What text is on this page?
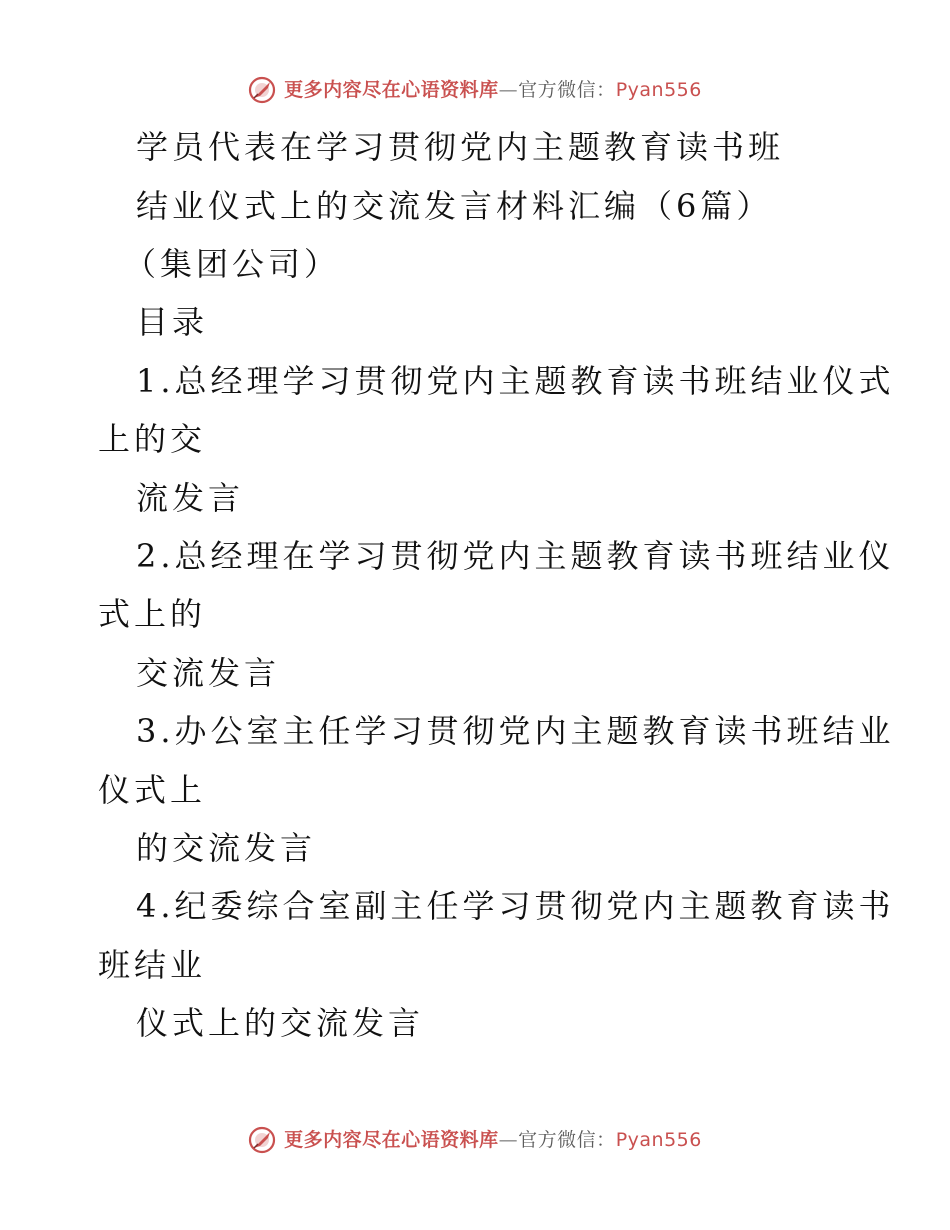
更多内容尽在心语资料库—官方微信：Pyan556
学员代表在学习贯彻党内主题教育读书班
结业仪式上的交流发言材料汇编（6篇）
（集团公司）
目录
1.总经理学习贯彻党内主题教育读书班结业仪式
上的交
流发言
2.总经理在学习贯彻党内主题教育读书班结业仪
式上的
交流发言
3.办公室主任学习贯彻党内主题教育读书班结业
仪式上
的交流发言
4.纪委综合室副主任学习贯彻党内主题教育读书
班结业
仪式上的交流发言
更多内容尽在心语资料库—官方微信：Pyan556
